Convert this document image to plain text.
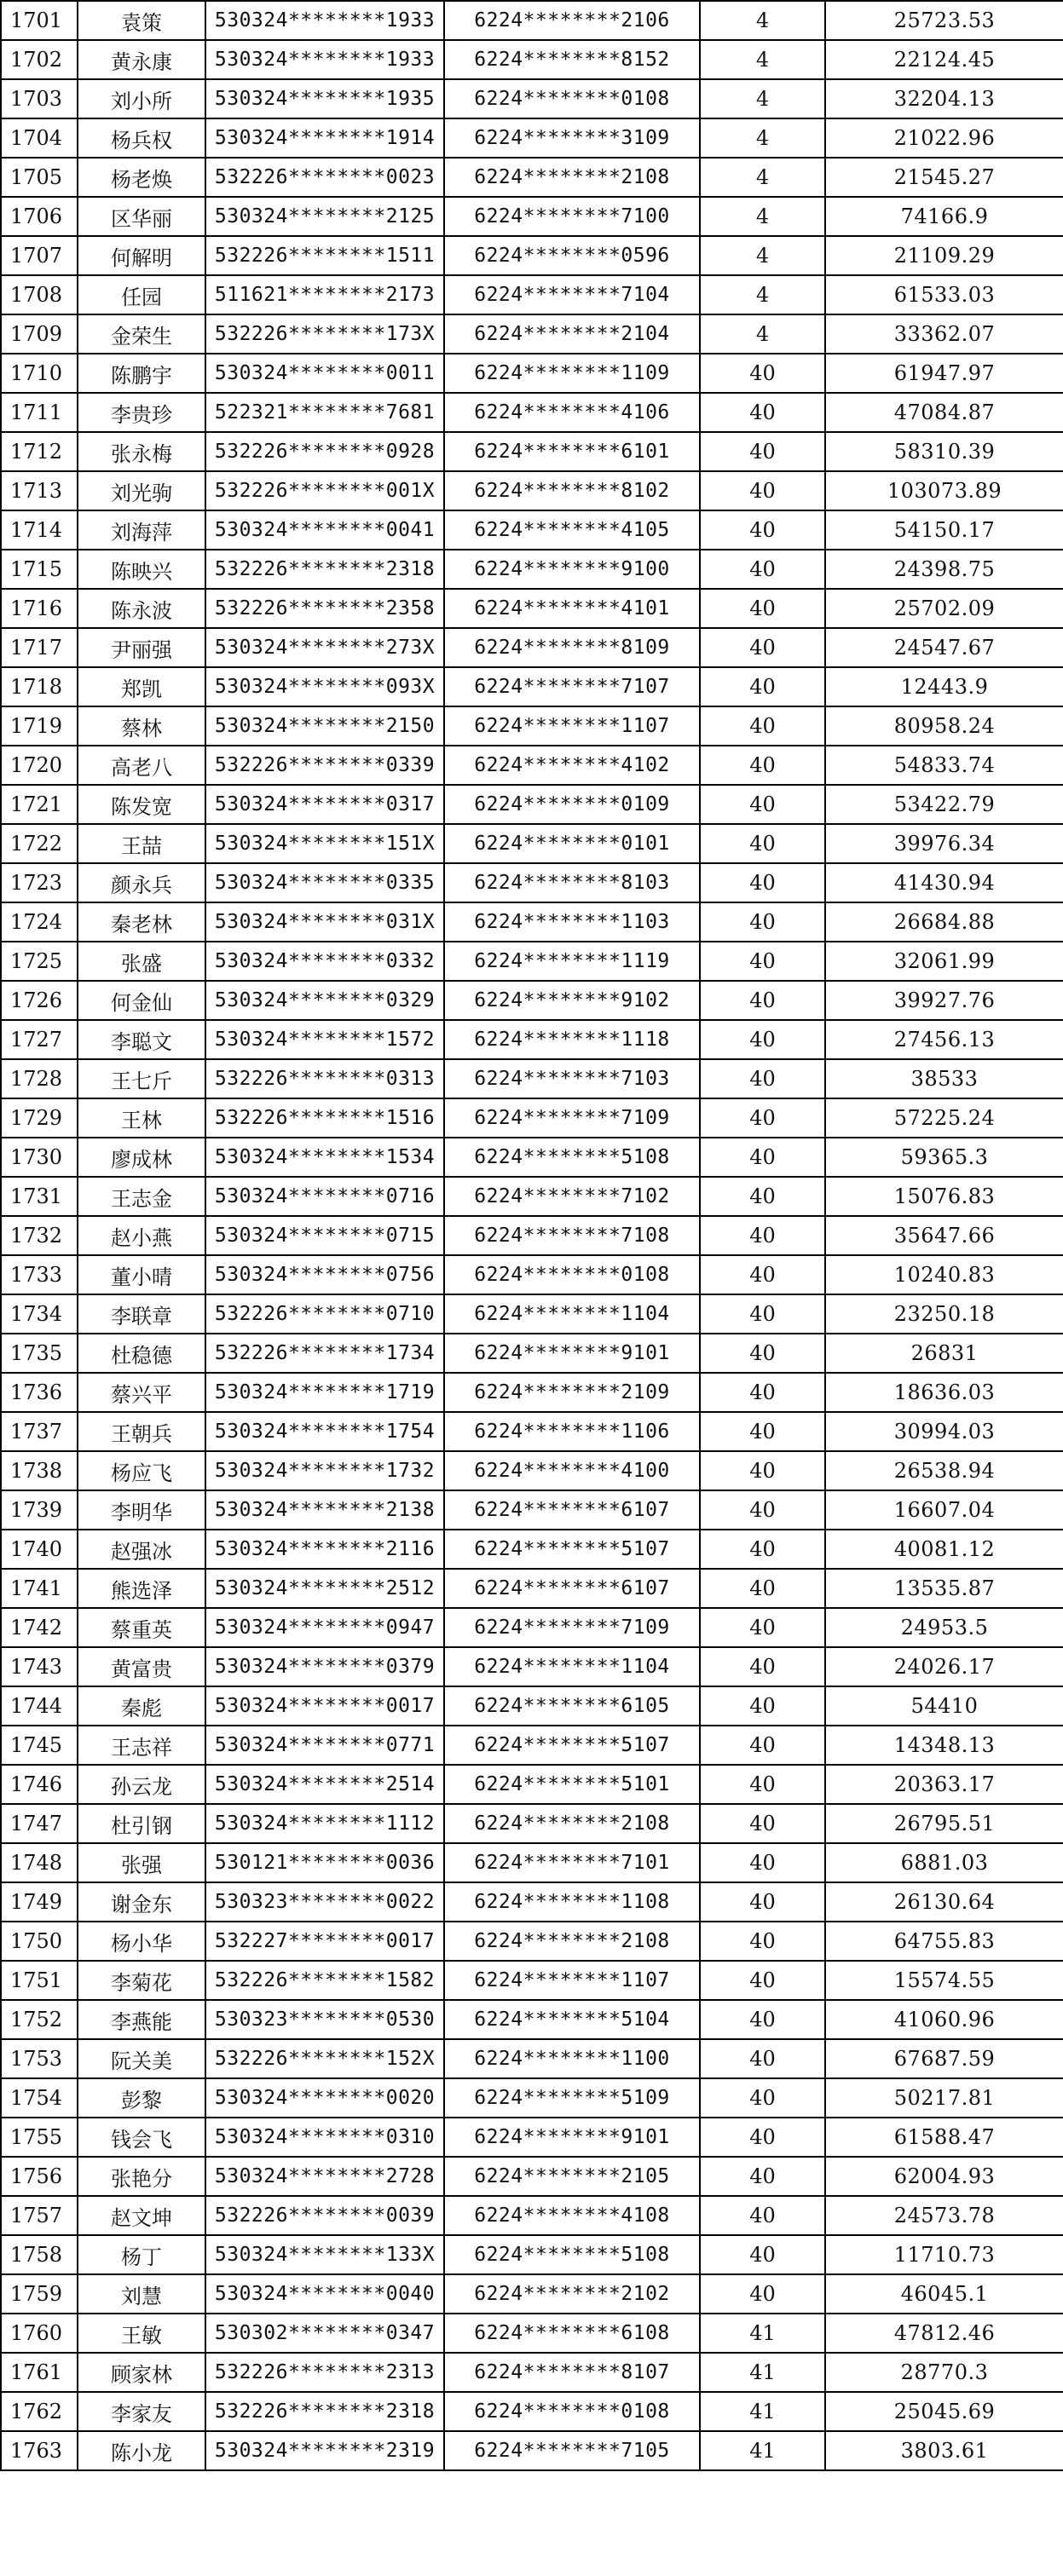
1701	袁策	530324********1933	6224********2106	4	25723.53
1702	黄永康	530324********1933	6224********8152	4	22124.45
1703	刘小所	530324********1935	6224********0108	4	32204.13
1704	杨兵权	530324********1914	6224********3109	4	21022.96
1705	杨老焕	532226********0023	6224********2108	4	21545.27
1706	区华丽	530324********2125	6224********7100	4	74166.9
1707	何解明	532226********1511	6224********0596	4	21109.29
1708	任园	511621********2173	6224********7104	4	61533.03
1709	金荣生	532226********173X	6224********2104	4	33362.07
1710	陈鹏宇	530324********0011	6224********1109	40	61947.97
1711	李贵珍	522321********7681	6224********4106	40	47084.87
1712	张永梅	532226********0928	6224********6101	40	58310.39
1713	刘光驹	532226********001X	6224********8102	40	103073.89
1714	刘海萍	530324********0041	6224********4105	40	54150.17
1715	陈映兴	532226********2318	6224********9100	40	24398.75
1716	陈永波	532226********2358	6224********4101	40	25702.09
1717	尹丽强	530324********273X	6224********8109	40	24547.67
1718	郑凯	530324********093X	6224********7107	40	12443.9
1719	蔡林	530324********2150	6224********1107	40	80958.24
1720	高老八	532226********0339	6224********4102	40	54833.74
1721	陈发宽	530324********0317	6224********0109	40	53422.79
1722	王喆	530324********151X	6224********0101	40	39976.34
1723	颜永兵	530324********0335	6224********8103	40	41430.94
1724	秦老林	530324********031X	6224********1103	40	26684.88
1725	张盛	530324********0332	6224********1119	40	32061.99
1726	何金仙	530324********0329	6224********9102	40	39927.76
1727	李聪文	530324********1572	6224********1118	40	27456.13
1728	王七斤	532226********0313	6224********7103	40	38533
1729	王林	532226********1516	6224********7109	40	57225.24
1730	廖成林	530324********1534	6224********5108	40	59365.3
1731	王志金	530324********0716	6224********7102	40	15076.83
1732	赵小燕	530324********0715	6224********7108	40	35647.66
1733	董小晴	530324********0756	6224********0108	40	10240.83
1734	李联章	532226********0710	6224********1104	40	23250.18
1735	杜稳德	532226********1734	6224********9101	40	26831
1736	蔡兴平	530324********1719	6224********2109	40	18636.03
1737	王朝兵	530324********1754	6224********1106	40	30994.03
1738	杨应飞	530324********1732	6224********4100	40	26538.94
1739	李明华	530324********2138	6224********6107	40	16607.04
1740	赵强冰	530324********2116	6224********5107	40	40081.12
1741	熊选泽	530324********2512	6224********6107	40	13535.87
1742	蔡重英	530324********0947	6224********7109	40	24953.5
1743	黄富贵	530324********0379	6224********1104	40	24026.17
1744	秦彪	530324********0017	6224********6105	40	54410
1745	王志祥	530324********0771	6224********5107	40	14348.13
1746	孙云龙	530324********2514	6224********5101	40	20363.17
1747	杜引钢	530324********1112	6224********2108	40	26795.51
1748	张强	530121********0036	6224********7101	40	6881.03
1749	谢金东	530323********0022	6224********1108	40	26130.64
1750	杨小华	532227********0017	6224********2108	40	64755.83
1751	李菊花	532226********1582	6224********1107	40	15574.55
1752	李燕能	530323********0530	6224********5104	40	41060.96
1753	阮关美	532226********152X	6224********1100	40	67687.59
1754	彭黎	530324********0020	6224********5109	40	50217.81
1755	钱会飞	530324********0310	6224********9101	40	61588.47
1756	张艳分	530324********2728	6224********2105	40	62004.93
1757	赵文坤	532226********0039	6224********4108	40	24573.78
1758	杨丁	530324********133X	6224********5108	40	11710.73
1759	刘慧	530324********0040	6224********2102	40	46045.1
1760	王敏	530302********0347	6224********6108	41	47812.46
1761	顾家林	532226********2313	6224********8107	41	28770.3
1762	李家友	532226********2318	6224********0108	41	25045.69
1763	陈小龙	530324********2319	6224********7105	41	3803.61
